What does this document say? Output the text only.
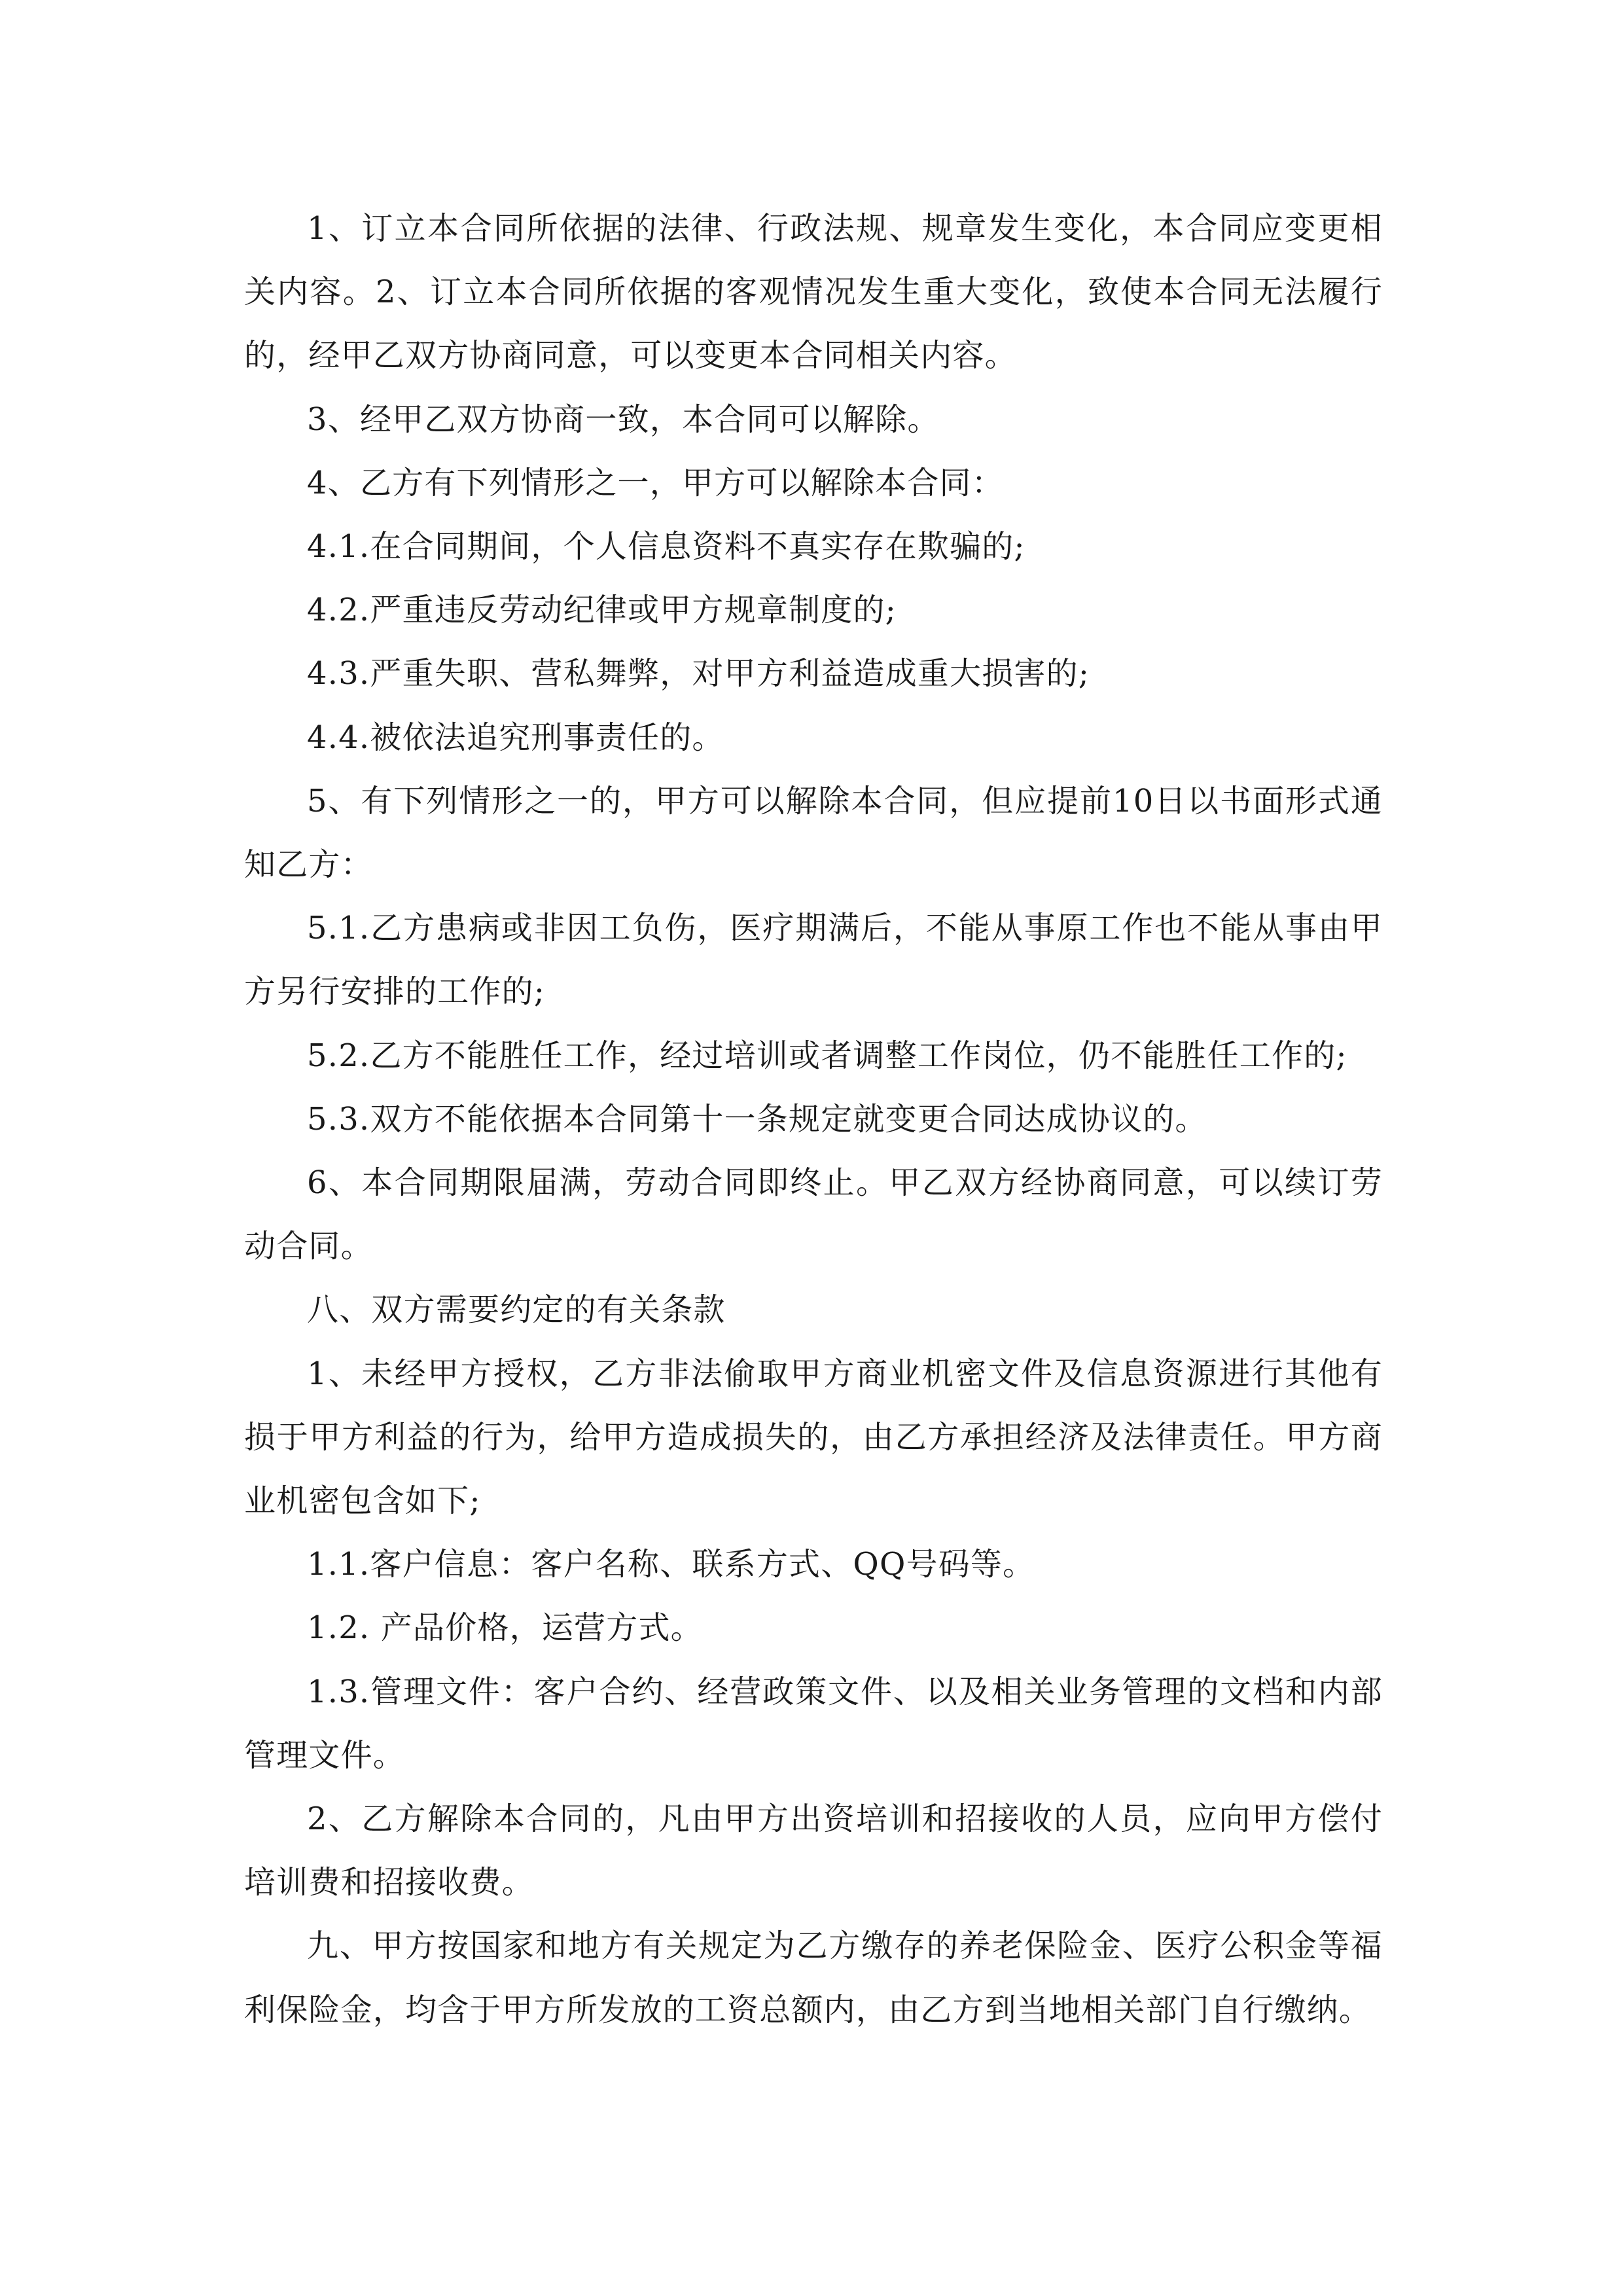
1、订立本合同所依据的法律、行政法规、规章发生变化，本合同应变更相关内容。2、订立本合同所依据的客观情况发生重大变化，致使本合同无法履行的，经甲乙双方协商同意，可以变更本合同相关内容。

3、经甲乙双方协商一致，本合同可以解除。

4、乙方有下列情形之一，甲方可以解除本合同：

4.1.在合同期间，个人信息资料不真实存在欺骗的;

4.2.严重违反劳动纪律或甲方规章制度的;

4.3.严重失职、营私舞弊，对甲方利益造成重大损害的;

4.4.被依法追究刑事责任的。

5、有下列情形之一的，甲方可以解除本合同，但应提前10日以书面形式通知乙方：

5.1.乙方患病或非因工负伤，医疗期满后，不能从事原工作也不能从事由甲方另行安排的工作的;

5.2.乙方不能胜任工作，经过培训或者调整工作岗位，仍不能胜任工作的;

5.3.双方不能依据本合同第十一条规定就变更合同达成协议的。

6、本合同期限届满，劳动合同即终止。甲乙双方经协商同意，可以续订劳动合同。

八、双方需要约定的有关条款

1、未经甲方授权，乙方非法偷取甲方商业机密文件及信息资源进行其他有损于甲方利益的行为，给甲方造成损失的，由乙方承担经济及法律责任。甲方商业机密包含如下;

1.1.客户信息：客户名称、联系方式、QQ号码等。

1.2. 产品价格，运营方式。

1.3.管理文件：客户合约、经营政策文件、以及相关业务管理的文档和内部管理文件。

2、乙方解除本合同的，凡由甲方出资培训和招接收的人员，应向甲方偿付培训费和招接收费。

九、甲方按国家和地方有关规定为乙方缴存的养老保险金、医疗公积金等福利保险金，均含于甲方所发放的工资总额内，由乙方到当地相关部门自行缴纳。
